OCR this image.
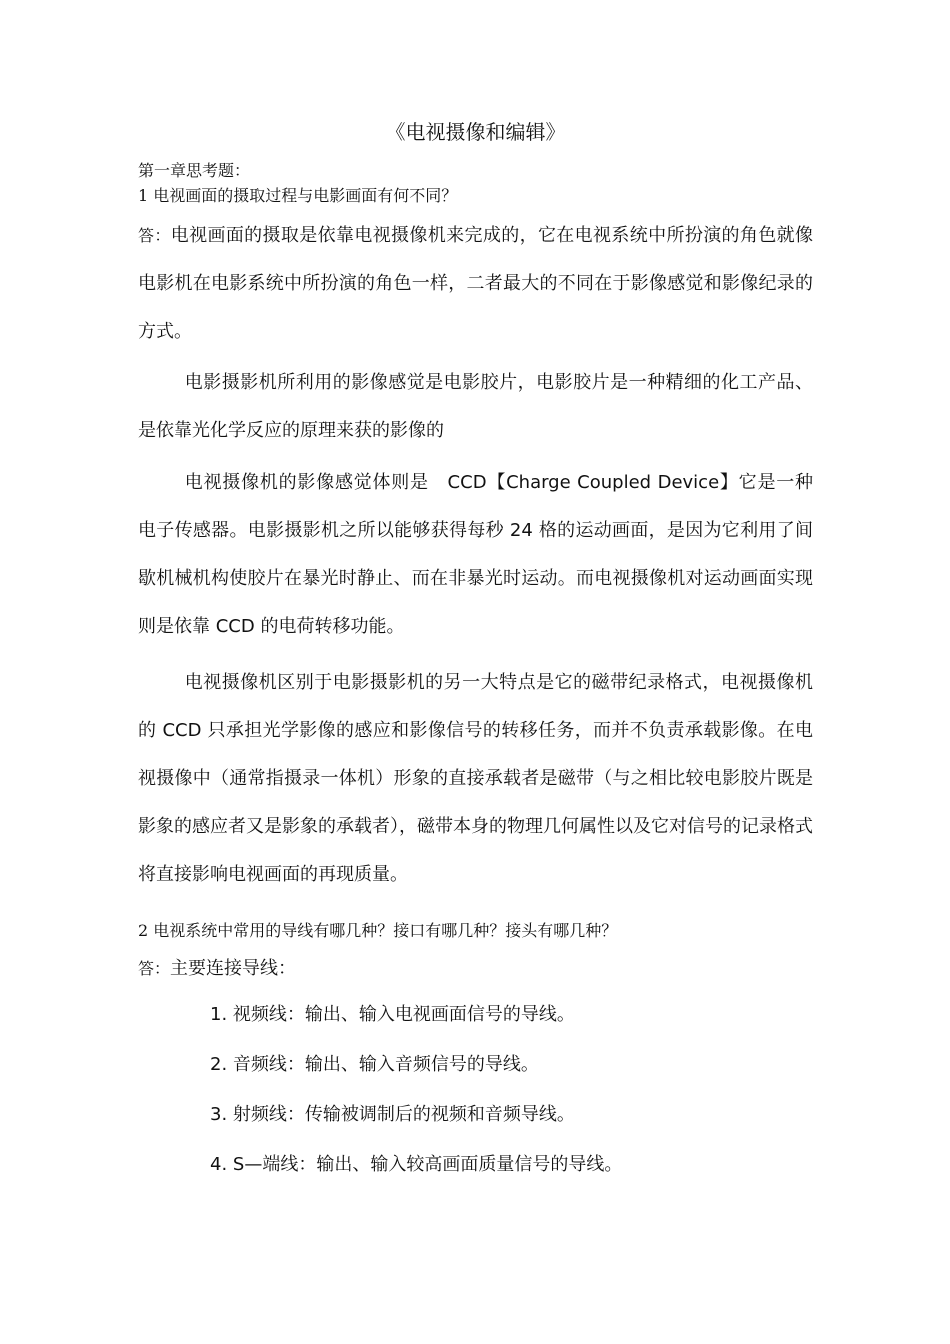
《电视摄像和编辑》
第一章思考题：
1 电视画面的摄取过程与电影画面有何不同？

答：电视画面的摄取是依靠电视摄像机来完成的，它在电视系统中所扮演的角色就像电影机在电影系统中所扮演的角色一样，二者最大的不同在于影像感觉和影像纪录的方式。

电影摄影机所利用的影像感觉是电影胶片，电影胶片是一种精细的化工产品、是依靠光化学反应的原理来获的影像的

电视摄像机的影像感觉体则是　CCD【Charge Coupled Device】它是一种电子传感器。电影摄影机之所以能够获得每秒 24 格的运动画面，是因为它利用了间歇机械机构使胶片在暴光时静止、而在非暴光时运动。而电视摄像机对运动画面实现则是依靠 CCD 的电荷转移功能。

电视摄像机区别于电影摄影机的另一大特点是它的磁带纪录格式，电视摄像机的 CCD 只承担光学影像的感应和影像信号的转移任务，而并不负责承载影像。在电视摄像中（通常指摄录一体机）形象的直接承载者是磁带（与之相比较电影胶片既是影象的感应者又是影象的承载者），磁带本身的物理几何属性以及它对信号的记录格式将直接影响电视画面的再现质量。

2 电视系统中常用的导线有哪几种？接口有哪几种？接头有哪几种？
答：主要连接导线：
1. 视频线：输出、输入电视画面信号的导线。
2. 音频线：输出、输入音频信号的导线。
3. 射频线：传输被调制后的视频和音频导线。
4. S—端线：输出、输入较高画面质量信号的导线。
